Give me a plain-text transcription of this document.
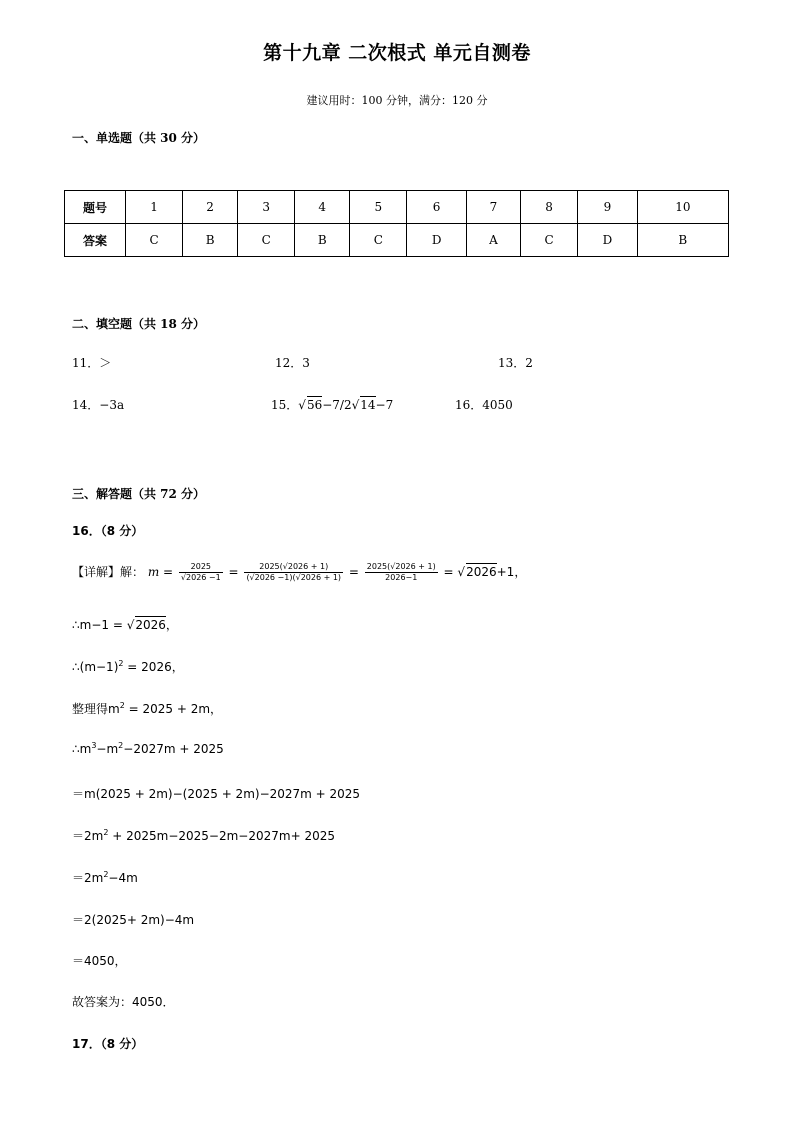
第十九章 二次根式 单元自测卷
建议用时：100 分钟，满分：120 分
一、单选题（共 30 分）
题号	1	2	3	4	5	6	7	8	9	10
答案	C	B	C	B	C	D	A	C	D	B
二、填空题（共 18 分）
11．＞	12．3	13．2
14．−3a	15．√56−7/2√14−7	16．4050
三、解答题（共 72 分）
16．（8 分）
【详解】解： $m = \frac{2025}{√2026 -1} = \frac{2025(√2026 + 1)}{(√2026 -1)(√2026 + 1)} = \frac{2025(√2026 + 1)}{2026-1} = √2026+1$，
∴m−1 = √2026，
$\therefore(m-1)^2 = 2026$，
整理得$m^2 = 2025 + 2m$，
$\therefore m^3-m^2-2027m + 2025$
＝m(2025 + 2m)−(2025 + 2m)−2027m + 2025
$=2m^2 + 2025m-2025-2m-2027m+ 2025$
$=2m^2-4m$
＝2(2025+ 2m)−4m
＝4050，
故答案为：4050．
17．（8 分）
